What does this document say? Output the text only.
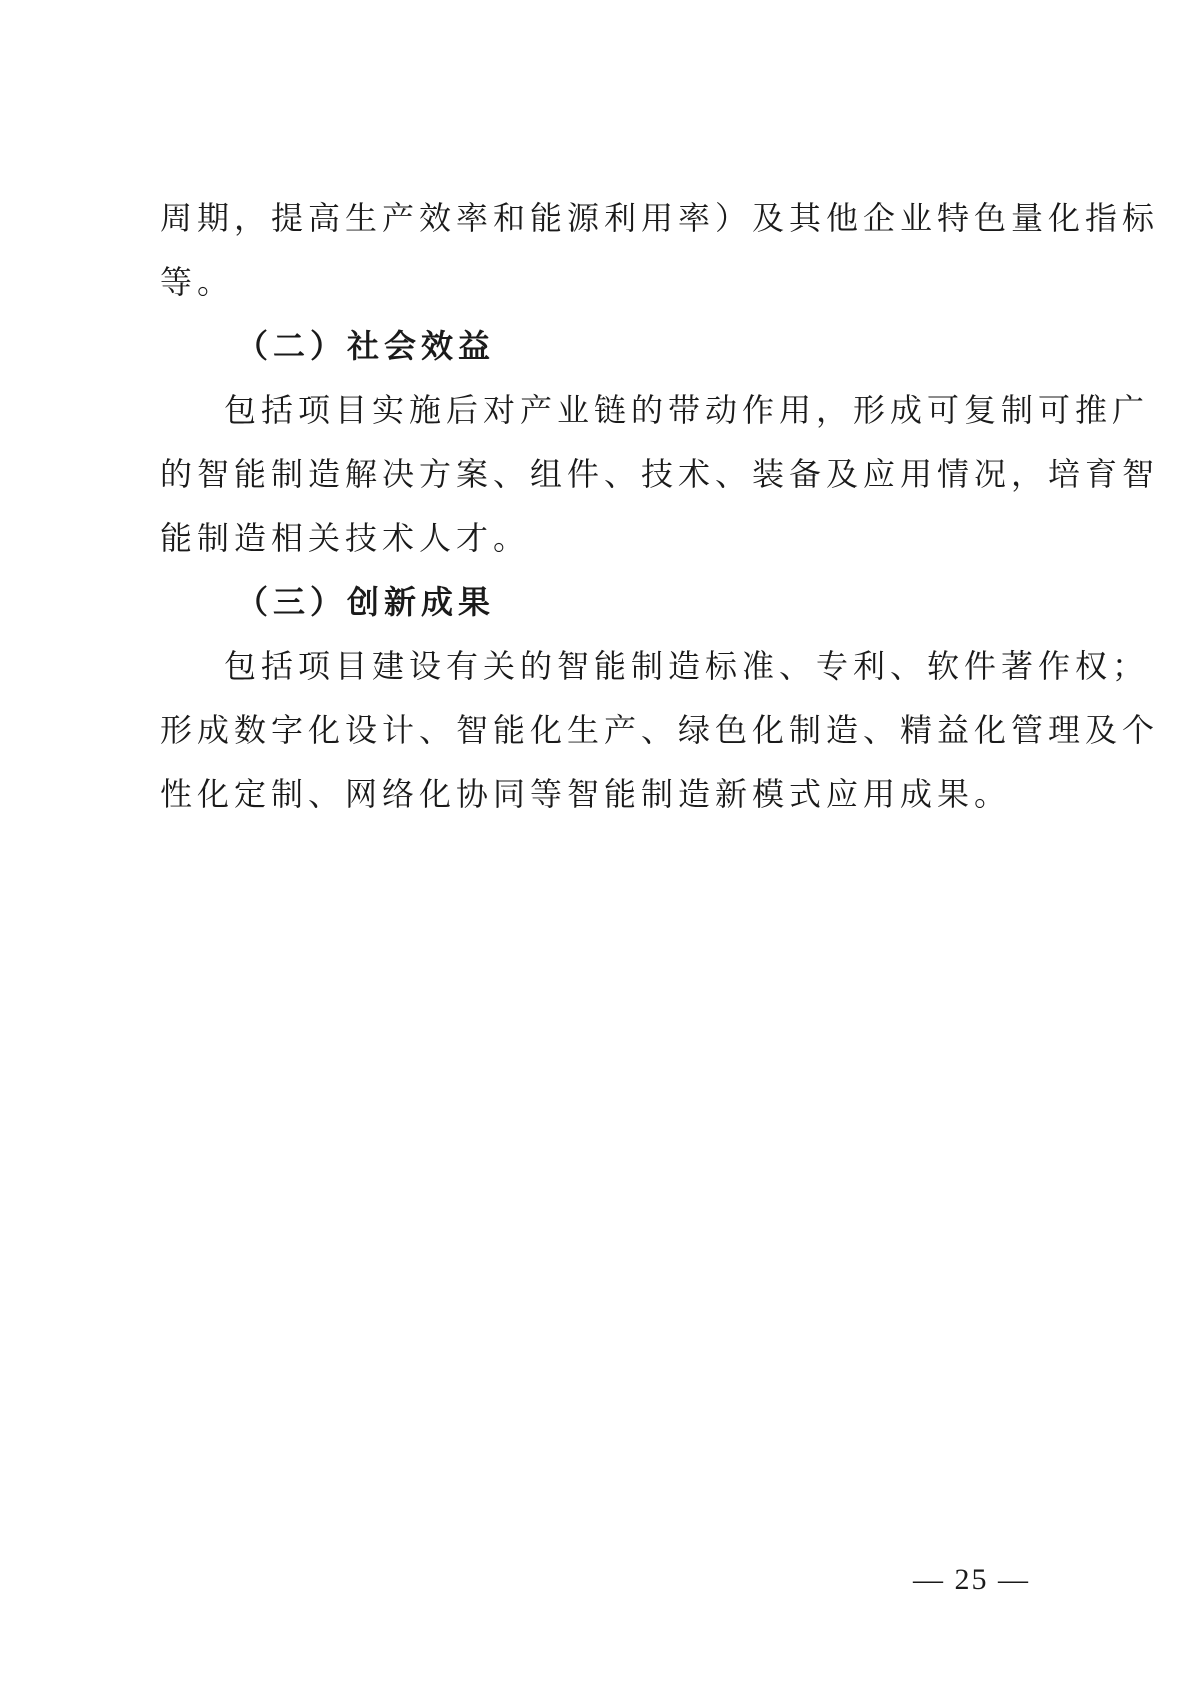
周期，提高生产效率和能源利用率）及其他企业特色量化指标
等。
（二）社会效益
包括项目实施后对产业链的带动作用，形成可复制可推广
的智能制造解决方案、组件、技术、装备及应用情况，培育智
能制造相关技术人才。
（三）创新成果
包括项目建设有关的智能制造标准、专利、软件著作权；
形成数字化设计、智能化生产、绿色化制造、精益化管理及个
性化定制、网络化协同等智能制造新模式应用成果。
— 25 —
